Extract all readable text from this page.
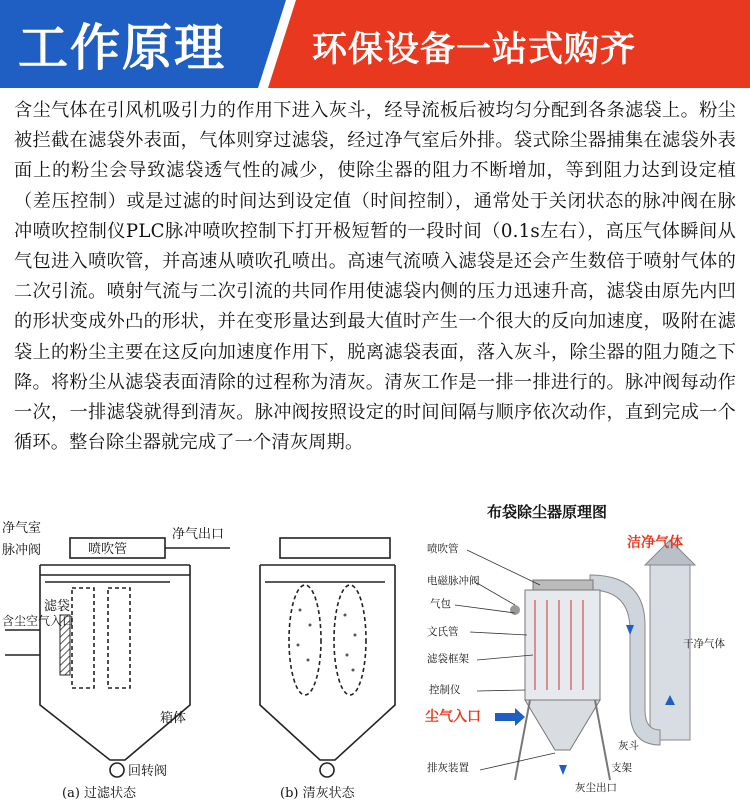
工作原理 环保设备一站式购齐
含尘气体在引风机吸引力的作用下进入灰斗，经导流板后被均匀分配到各条滤袋上。粉尘被拦截在滤袋外表面，气体则穿过滤袋，经过净气室后外排。袋式除尘器捕集在滤袋外表面上的粉尘会导致滤袋透气性的减少，使除尘器的阻力不断增加，等到阻力达到设定植（差压控制）或是过滤的时间达到设定值（时间控制），通常处于关闭状态的脉冲阀在脉冲喷吹控制仪PLC脉冲喷吹控制下打开极短暂的一段时间（0.1s左右），高压气体瞬间从气包进入喷吹管，并高速从喷吹孔喷出。高速气流喷入滤袋是还会产生数倍于喷射气体的二次引流。喷射气流与二次引流的共同作用使滤袋内侧的压力迅速升高，滤袋由原先内凹的形状变成外凸的形状，并在变形量达到最大值时产生一个很大的反向加速度，吸附在滤袋上的粉尘主要在这反向加速度作用下，脱离滤袋表面，落入灰斗，除尘器的阻力随之下降。将粉尘从滤袋表面清除的过程称为清灰。清灰工作是一排一排进行的。脉冲阀每动作一次，一排滤袋就得到清灰。脉冲阀按照设定的时间间隔与顺序依次动作，直到完成一个循环。整台除尘器就完成了一个清灰周期。
净气室
脉冲阀	喷吹管
净气出口
滤袋
含尘空气入口
箱体
回转阀
(a) 过滤状态	(b) 清灰状态
布袋除尘器原理图
洁净气体
喷吹管
电磁脉冲阀
气包
文氏管
滤袋框架
控制仪
尘气入口
排灰装置
干净气体
灰斗
支架
灰尘出口
